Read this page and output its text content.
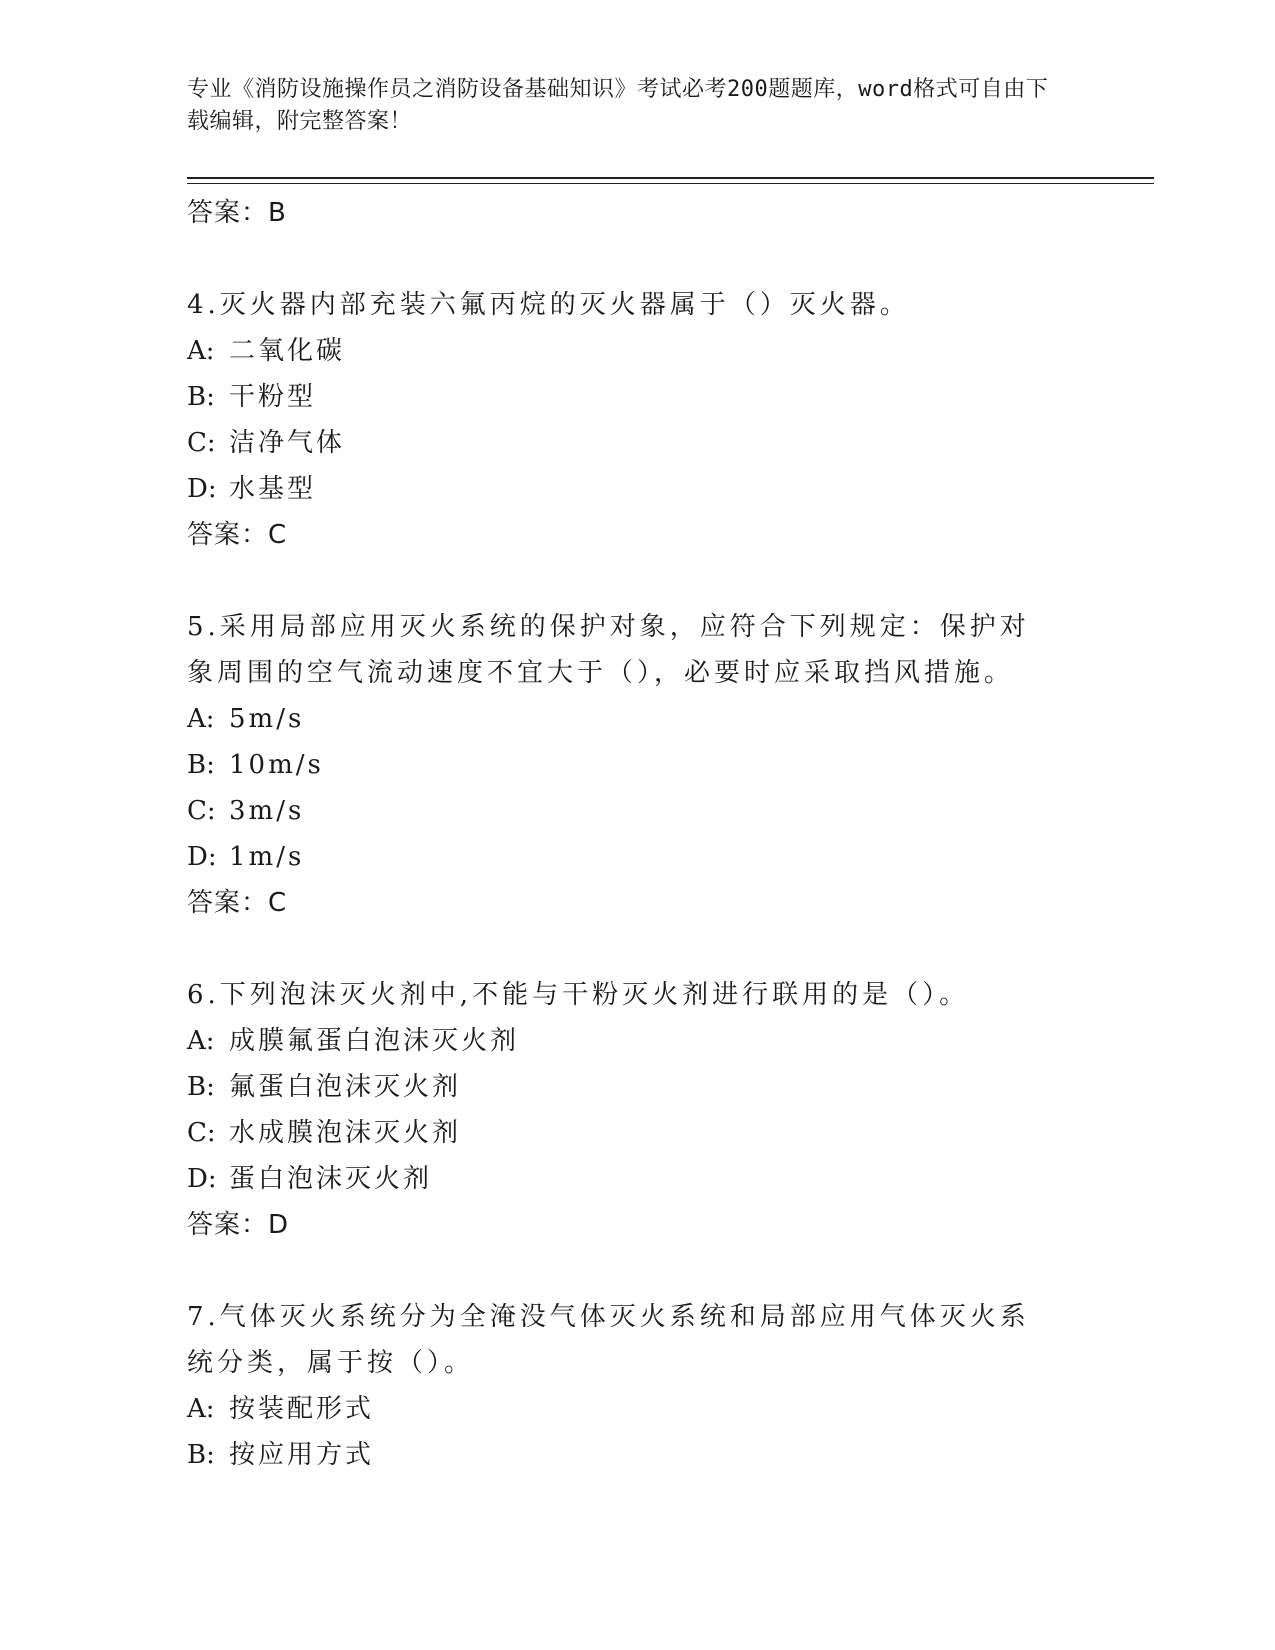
专业《消防设施操作员之消防设备基础知识》考试必考200题题库，word格式可自由下载编辑，附完整答案！
答案：B
4.灭火器内部充装六氟丙烷的灭火器属于（）灭火器。
A: 二氧化碳
B: 干粉型
C: 洁净气体
D: 水基型
答案：C
5.采用局部应用灭火系统的保护对象，应符合下列规定：保护对象周围的空气流动速度不宜大于（），必要时应采取挡风措施。
A: 5m/s
B: 10m/s
C: 3m/s
D: 1m/s
答案：C
6.下列泡沫灭火剂中,不能与干粉灭火剂进行联用的是（）。
A: 成膜氟蛋白泡沫灭火剂
B: 氟蛋白泡沫灭火剂
C: 水成膜泡沫灭火剂
D: 蛋白泡沫灭火剂
答案：D
7.气体灭火系统分为全淹没气体灭火系统和局部应用气体灭火系统分类，属于按（）。
A: 按装配形式
B: 按应用方式
